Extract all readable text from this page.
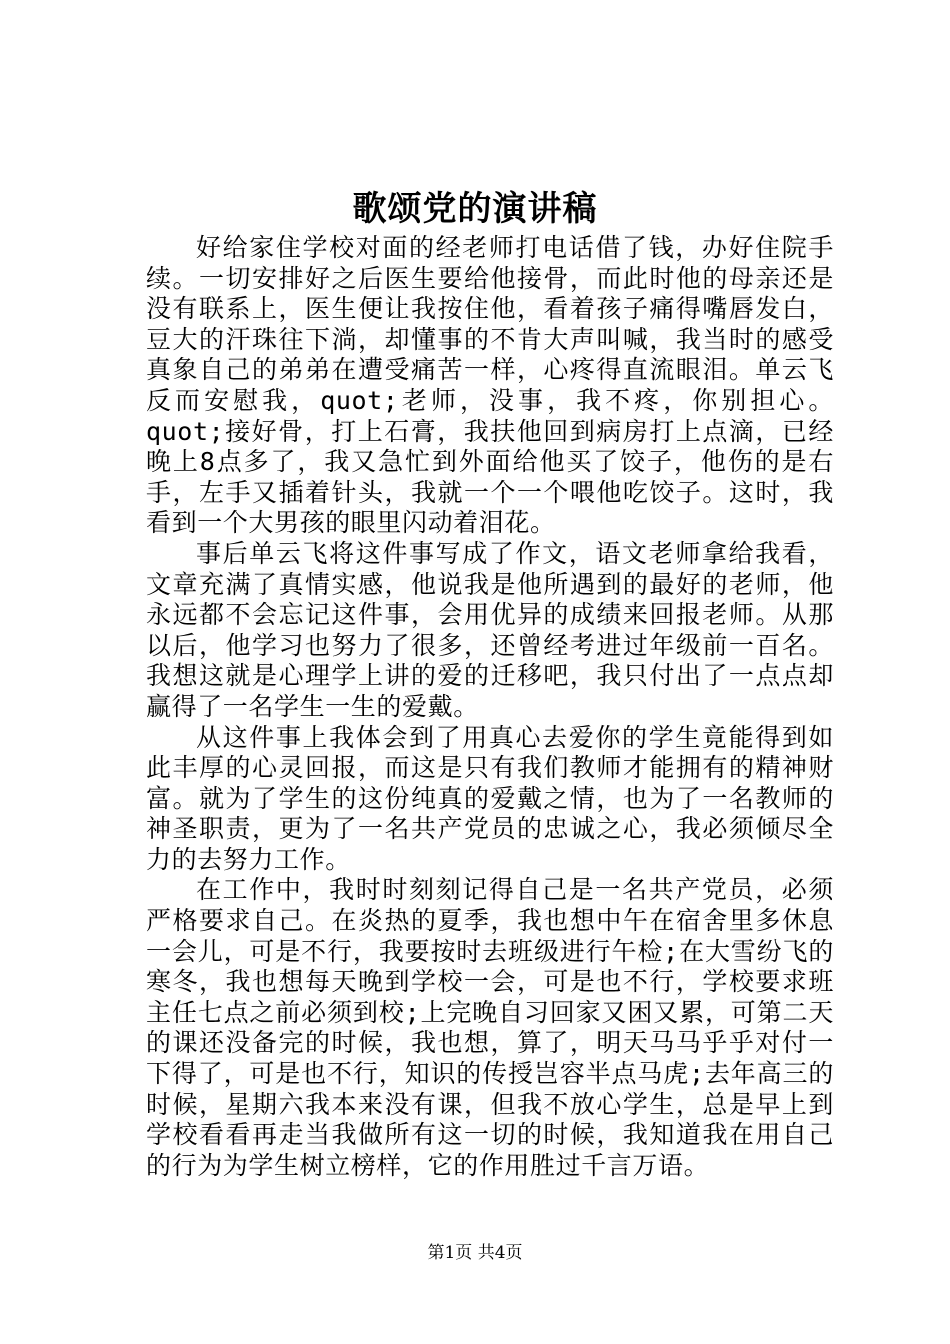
歌颂党的演讲稿

好给家住学校对面的经老师打电话借了钱，办好住院手续。一切安排好之后医生要给他接骨，而此时他的母亲还是没有联系上，医生便让我按住他，看着孩子痛得嘴唇发白，豆大的汗珠往下淌，却懂事的不肯大声叫喊，我当时的感受真象自己的弟弟在遭受痛苦一样，心疼得直流眼泪。单云飞反而安慰我，quot;老师，没事，我不疼，你别担心。quot;接好骨，打上石膏，我扶他回到病房打上点滴，已经晚上8点多了，我又急忙到外面给他买了饺子，他伤的是右手，左手又插着针头，我就一个一个喂他吃饺子。这时，我看到一个大男孩的眼里闪动着泪花。

事后单云飞将这件事写成了作文，语文老师拿给我看，文章充满了真情实感，他说我是他所遇到的最好的老师，他永远都不会忘记这件事，会用优异的成绩来回报老师。从那以后，他学习也努力了很多，还曾经考进过年级前一百名。我想这就是心理学上讲的爱的迁移吧，我只付出了一点点却赢得了一名学生一生的爱戴。

从这件事上我体会到了用真心去爱你的学生竟能得到如此丰厚的心灵回报，而这是只有我们教师才能拥有的精神财富。就为了学生的这份纯真的爱戴之情，也为了一名教师的神圣职责，更为了一名共产党员的忠诚之心，我必须倾尽全力的去努力工作。

在工作中，我时时刻刻记得自己是一名共产党员，必须严格要求自己。在炎热的夏季，我也想中午在宿舍里多休息一会儿，可是不行，我要按时去班级进行午检;在大雪纷飞的寒冬，我也想每天晚到学校一会，可是也不行，学校要求班主任七点之前必须到校;上完晚自习回家又困又累，可第二天的课还没备完的时候，我也想，算了，明天马马乎乎对付一下得了，可是也不行，知识的传授岂容半点马虎;去年高三的时候，星期六我本来没有课，但我不放心学生，总是早上到学校看看再走当我做所有这一切的时候，我知道我在用自己的行为为学生树立榜样，它的作用胜过千言万语。

第1页 共4页
